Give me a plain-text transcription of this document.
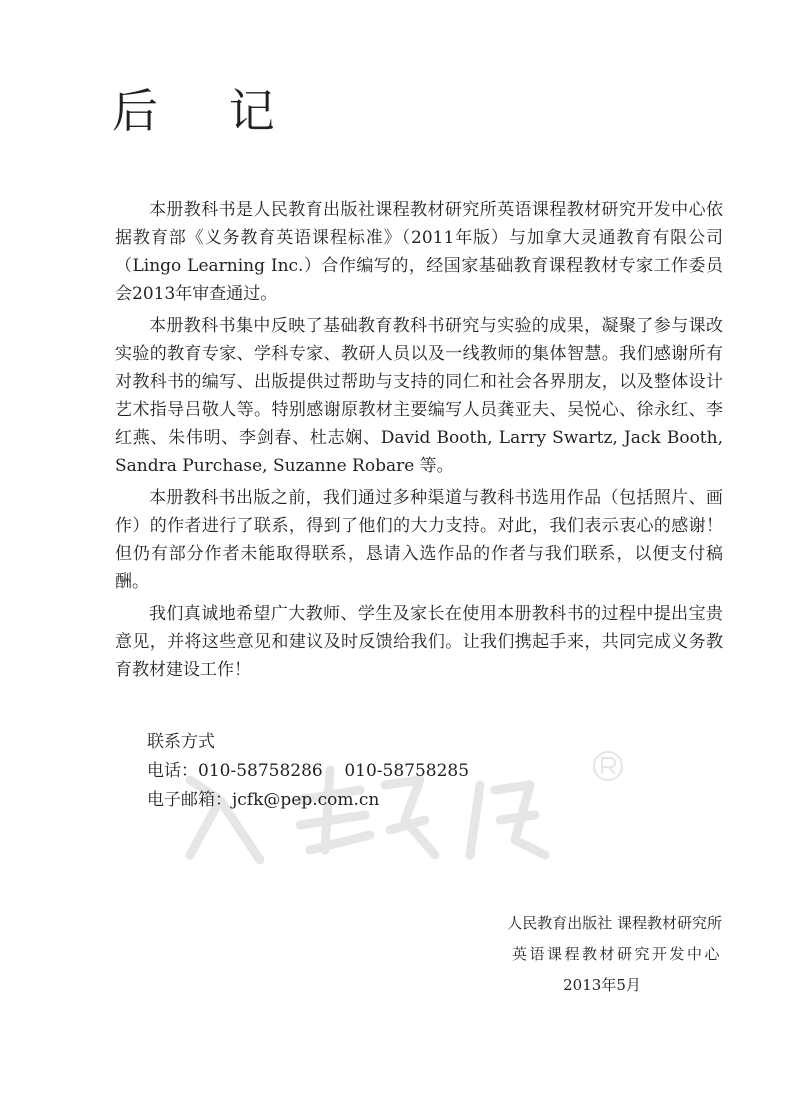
后 记

本册教科书是人民教育出版社课程教材研究所英语课程教材研究开发中心依据教育部《义务教育英语课程标准》（2011年版）与加拿大灵通教育有限公司（Lingo Learning Inc.）合作编写的，经国家基础教育课程教材专家工作委员会2013年审查通过。

本册教科书集中反映了基础教育教科书研究与实验的成果，凝聚了参与课改实验的教育专家、学科专家、教研人员以及一线教师的集体智慧。我们感谢所有对教科书的编写、出版提供过帮助与支持的同仁和社会各界朋友，以及整体设计艺术指导吕敬人等。特别感谢原教材主要编写人员龚亚夫、吴悦心、徐永红、李红燕、朱伟明、李剑春、杜志娴、David Booth, Larry Swartz, Jack Booth, Sandra Purchase, Suzanne Robare 等。

本册教科书出版之前，我们通过多种渠道与教科书选用作品（包括照片、画作）的作者进行了联系，得到了他们的大力支持。对此，我们表示衷心的感谢！但仍有部分作者未能取得联系，恳请入选作品的作者与我们联系，以便支付稿酬。

我们真诚地希望广大教师、学生及家长在使用本册教科书的过程中提出宝贵意见，并将这些意见和建议及时反馈给我们。让我们携起手来，共同完成义务教育教材建设工作！

联系方式
电话：010-58758286    010-58758285
电子邮箱：jcfk@pep.com.cn
人民教育出版社 课程教材研究所
英语课程教材研究开发中心
2013年5月
